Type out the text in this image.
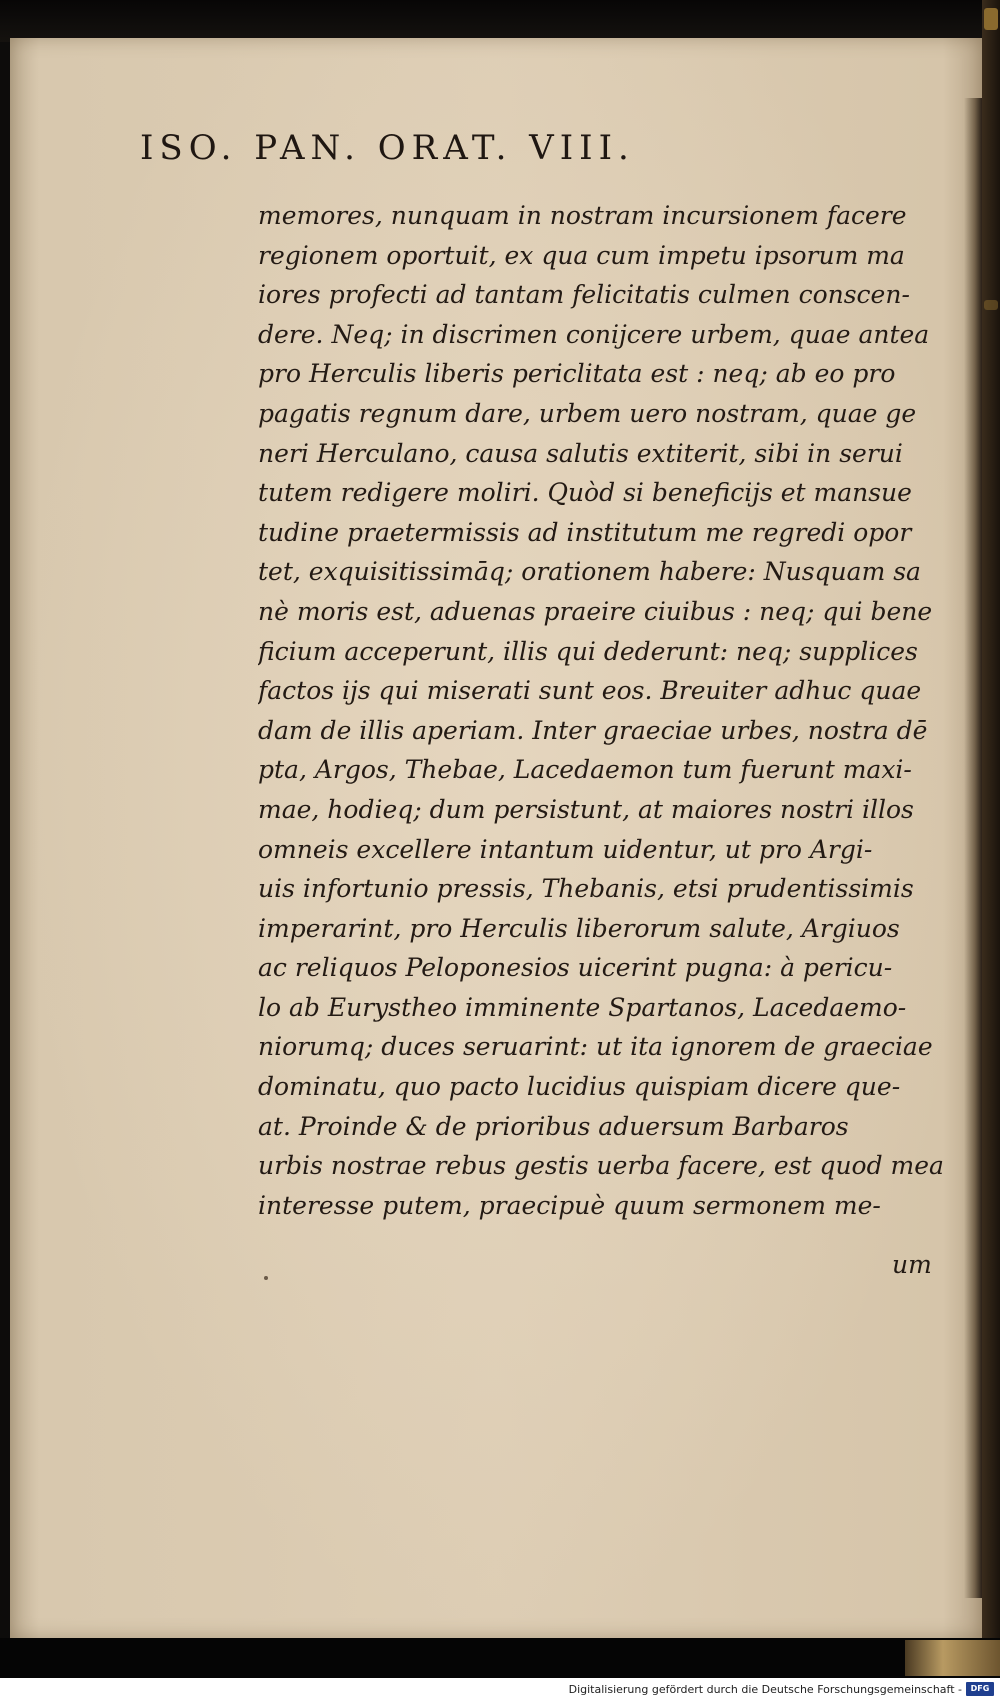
ISO. PAN. ORAT. VIII.
memores, nunquam in nostram incursionem facere
regionem oportuit, ex qua cum impetu ipsorum ma
iores profecti ad tantam felicitatis culmen conscen-
dere. Neq; in discrimen conijcere urbem, quae antea
pro Herculis liberis periclitata est : neq; ab eo pro
pagatis regnum dare, urbem uero nostram, quae ge
neri Herculano, causa salutis extiterit, sibi in serui
tutem redigere moliri. Quòd si beneficijs et mansue
tudine praetermissis ad institutum me regredi opor
tet, exquisitissimāq; orationem habere: Nusquam sa
nè moris est, aduenas praeire ciuibus : neq; qui bene
ficium acceperunt, illis qui dederunt: neq; supplices
factos ijs qui miserati sunt eos. Breuiter adhuc quae
dam de illis aperiam. Inter graeciae urbes, nostra dē
pta, Argos, Thebae, Lacedaemon tum fuerunt maxi-
mae, hodieq; dum persistunt, at maiores nostri illos
omneis excellere intantum uidentur, ut pro Argi-
uis infortunio pressis, Thebanis, etsi prudentissimis
imperarint, pro Herculis liberorum salute, Argiuos
ac reliquos Peloponesios uicerint pugna: à pericu-
lo ab Eurystheo imminente Spartanos, Lacedaemo-
niorumq; duces seruarint: ut ita ignorem de graeciae
dominatu, quo pacto lucidius quispiam dicere que-
at. Proinde & de prioribus aduersum Barbaros
urbis nostrae rebus gestis uerba facere, est quod mea
interesse putem, praecipuè quum sermonem me-
um
Digitalisierung gefördert durch die Deutsche Forschungsgemeinschaft -	DFG
